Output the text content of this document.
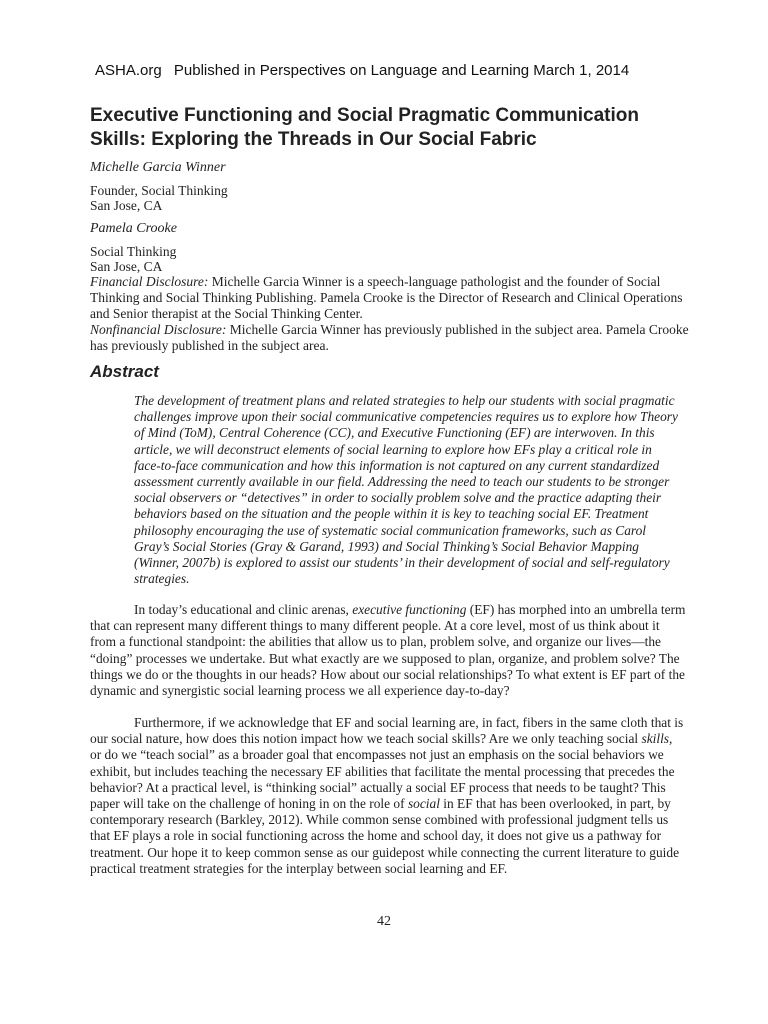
ASHA.org Published in Perspectives on Language and Learning March 1, 2014
Executive Functioning and Social Pragmatic Communication
Skills: Exploring the Threads in Our Social Fabric
Michelle Garcia Winner
Founder, Social Thinking
San Jose, CA
Pamela Crooke
Social Thinking
San Jose, CA

Financial Disclosure: Michelle Garcia Winner is a speech-language pathologist and the founder of Social Thinking and Social Thinking Publishing. Pamela Crooke is the Director of Research and Clinical Operations and Senior therapist at the Social Thinking Center.

Nonfinancial Disclosure: Michelle Garcia Winner has previously published in the subject area. Pamela Crooke has previously published in the subject area.

Abstract

The development of treatment plans and related strategies to help our students with social pragmatic challenges improve upon their social communicative competencies requires us to explore how Theory of Mind (ToM), Central Coherence (CC), and Executive Functioning (EF) are interwoven. In this article, we will deconstruct elements of social learning to explore how EFs play a critical role in face-to-face communication and how this information is not captured on any current standardized assessment currently available in our field. Addressing the need to teach our students to be stronger social observers or “detectives” in order to socially problem solve and the practice adapting their behaviors based on the situation and the people within it is key to teaching social EF. Treatment philosophy encouraging the use of systematic social communication frameworks, such as Carol Gray’s Social Stories (Gray & Garand, 1993) and Social Thinking’s Social Behavior Mapping (Winner, 2007b) is explored to assist our students’ in their development of social and self-regulatory strategies.

In today’s educational and clinic arenas, executive functioning (EF) has morphed into an umbrella term that can represent many different things to many different people. At a core level, most of us think about it from a functional standpoint: the abilities that allow us to plan, problem solve, and organize our lives—the “doing” processes we undertake. But what exactly are we supposed to plan, organize, and problem solve? The things we do or the thoughts in our heads? How about our social relationships? To what extent is EF part of the dynamic and synergistic social learning process we all experience day-to-day?

Furthermore, if we acknowledge that EF and social learning are, in fact, fibers in the same cloth that is our social nature, how does this notion impact how we teach social skills? Are we only teaching social skills, or do we “teach social” as a broader goal that encompasses not just an emphasis on the social behaviors we exhibit, but includes teaching the necessary EF abilities that facilitate the mental processing that precedes the behavior? At a practical level, is “thinking social” actually a social EF process that needs to be taught? This paper will take on the challenge of honing in on the role of social in EF that has been overlooked, in part, by contemporary research (Barkley, 2012). While common sense combined with professional judgment tells us that EF plays a role in social functioning across the home and school day, it does not give us a pathway for treatment. Our hope it to keep common sense as our guidepost while connecting the current literature to guide practical treatment strategies for the interplay between social learning and EF.

42
